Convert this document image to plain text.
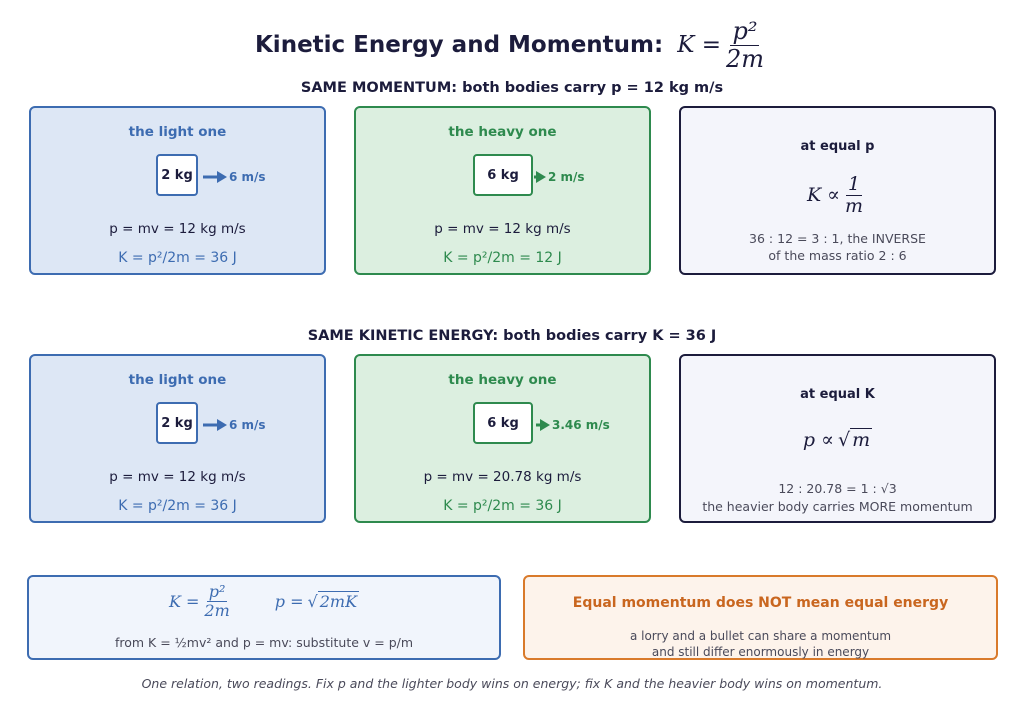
Kinetic Energy and Momentum: $K = \frac{\text{p²}}{2m}$
SAME MOMENTUM: both bodies carry p = 12 kg m/s
the light one
2 kg	6 m/s
p = mv = 12 kg m/s
K = p²/2m = 36 J
the heavy one
6 kg	2 m/s
p = mv = 12 kg m/s
K = p²/2m = 12 J
at equal p
$K \propto \frac{1}{m}$
36 : 12 = 3 : 1, the INVERSE
of the mass ratio 2 : 6
SAME KINETIC ENERGY: both bodies carry K = 36 J
the light one
2 kg	6 m/s
p = mv = 12 kg m/s
K = p²/2m = 36 J
the heavy one
6 kg	3.46 m/s
p = mv = 20.78 kg m/s
K = p²/2m = 36 J
at equal K
p ∝ √ m
12 : 20.78 = 1 : √3
the heavier body carries MORE momentum
$K = \frac{\text{p²}}{2m}$	p = √ 2mK
from K = ½mv² and p = mv: substitute v = p/m
Equal momentum does NOT mean equal energy
a lorry and a bullet can share a momentum
and still differ enormously in energy
One relation, two readings. Fix p and the lighter body wins on energy; fix K and the heavier body wins on momentum.
